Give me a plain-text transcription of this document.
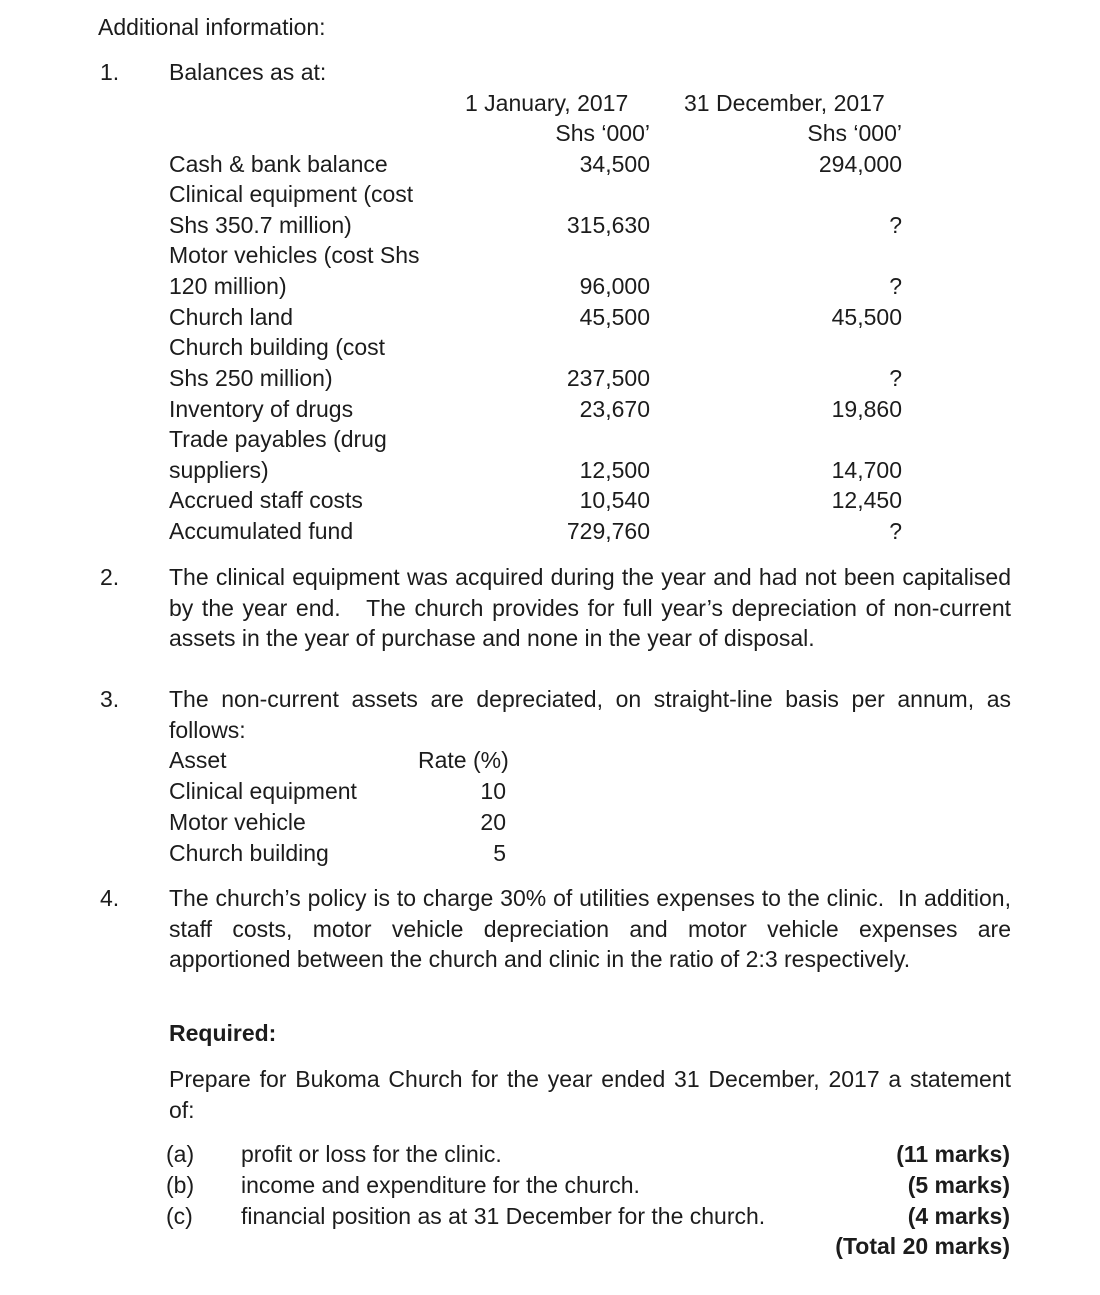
Additional information:
1. Balances as at:
1 January, 2017 31 December, 2017
Shs ‘000’	Shs ‘000’
Cash & bank balance	34,500	294,000
Clinical equipment (cost
Shs 350.7 million)	315,630	?
Motor vehicles (cost Shs
120 million)	96,000	?
Church land	45,500	45,500
Church building (cost
Shs 250 million)	237,500	?
Inventory of drugs	23,670	19,860
Trade payables (drug
suppliers)	12,500	14,700
Accrued staff costs	10,540	12,450
Accumulated fund	729,760	?
2. The clinical equipment was acquired during the year and had not been capitalised by the year end.   The church provides for full year’s depreciation of non-current assets in the year of purchase and none in the year of disposal.
3. The non-current assets are depreciated, on straight-line basis per annum, as follows:
Asset	Rate (%)
Clinical equipment	10
Motor vehicle	20
Church building	5
4. The church’s policy is to charge 30% of utilities expenses to the clinic.  In addition, staff costs, motor vehicle depreciation and motor vehicle expenses are apportioned between the church and clinic in the ratio of 2:3 respectively.
Required:
Prepare for Bukoma Church for the year ended 31 December, 2017 a statement of:
(a) profit or loss for the clinic.	(11 marks)
(b) income and expenditure for the church.	(5 marks)
(c) financial position as at 31 December for the church.	(4 marks)
(Total 20 marks)
